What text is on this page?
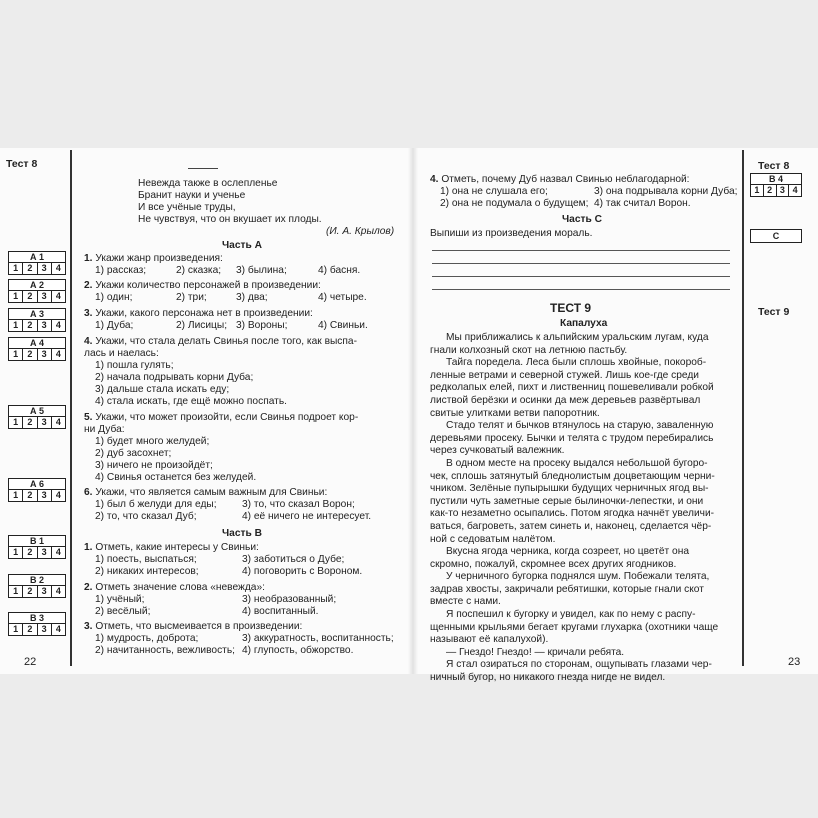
Тест 8
А 1
1	2	3	4
А 2
1	2	3	4
А 3
1	2	3	4
А 4
1	2	3	4
А 5
1	2	3	4
А 6
1	2	3	4
В 1
1	2	3	4
В 2
1	2	3	4
В 3
1	2	3	4
Невежда также в ослепленье
Бранит науки и ученье
И все учёные труды,
Не чувствуя, что он вкушает их плоды.
(И. А. Крылов)
Часть А
1. Укажи жанр произведения:
1) рассказ;	2) сказка; 3) былина;	4) басня.
2. Укажи количество персонажей в произведении:
1) один;	2) три;	3) два;	4) четыре.
3. Укажи, какого персонажа нет в произведении:
1) Дуба;	2) Лисицы; 3) Вороны;	4) Свиньи.
4. Укажи, что стала делать Свинья после того, как выспа-
лась и наелась:
1) пошла гулять;
2) начала подрывать корни Дуба;
3) дальше стала искать еду;
4) стала искать, где ещё можно поспать.
5. Укажи, что может произойти, если Свинья подроет кор-
ни Дуба:
1) будет много желудей;
2) дуб засохнет;
3) ничего не произойдёт;
4) Свинья останется без желудей.
6. Укажи, что является самым важным для Свиньи:
1) был б желуди для еды; 3) то, что сказал Ворон;
2) то, что сказал Дуб;	4) её ничего не интересует.
Часть В
1. Отметь, какие интересы у Свиньи:
1) поесть, выспаться;	3) заботиться о Дубе;
2) никаких интересов;	4) поговорить с Вороном.
2. Отметь значение слова «невежда»:
1) учёный;	3) необразованный;
2) весёлый;	4) воспитанный.
3. Отметь, что высмеивается в произведении:
1) мудрость, доброта;	3) аккуратность, воспитанность;
2) начитанность, вежливость; 4) глупость, обжорство.
22
4. Отметь, почему Дуб назвал Свинью неблагодарной:
1) она не слушала его;	3) она подрывала корни Дуба;
2) она не подумала о будущем; 4) так считал Ворон.
Часть С
Выпиши из произведения мораль.
ТЕСТ 9
Капалуха
Мы приближались к альпийским уральским лугам, куда
гнали колхозный скот на летнюю пастьбу.
Тайга поредела. Леса были сплошь хвойные, покороб-
ленные ветрами и северной стужей. Лишь кое-где среди
редколапых елей, пихт и лиственниц пошевеливали робкой
листвой берёзки и осинки да меж деревьев развёртывал
свитые улитками ветви папоротник.
Стадо телят и бычков втянулось на старую, заваленную
деревьями просеку. Бычки и телята с трудом перебирались
через сучковатый валежник.
В одном месте на просеку выдался небольшой бугоро-
чек, сплошь затянутый бледнолистым доцветающим черни-
чником. Зелёные пупырышки будущих черничных ягод вы-
пустили чуть заметные серые былиночки-лепестки, и они
как-то незаметно осыпались. Потом ягодка начнёт увеличи-
ваться, багроветь, затем синеть и, наконец, сделается чёр-
ной с седоватым налётом.
Вкусна ягода черника, когда созреет, но цветёт она
скромно, пожалуй, скромнее всех других ягодников.
У черничного бугорка поднялся шум. Побежали телята,
задрав хвосты, закричали ребятишки, которые гнали скот
вместе с нами.
Я поспешил к бугорку и увидел, как по нему с распу-
щенными крыльями бегает кругами глухарка (охотники чаще
называют её капалухой).
— Гнездо! Гнездо! — кричали ребята.
Я стал озираться по сторонам, ощупывать глазами чер-
ничный бугор, но никакого гнезда нигде не видел.
Тест 8
В 4
1 2 3 4
С
Тест 9
23
